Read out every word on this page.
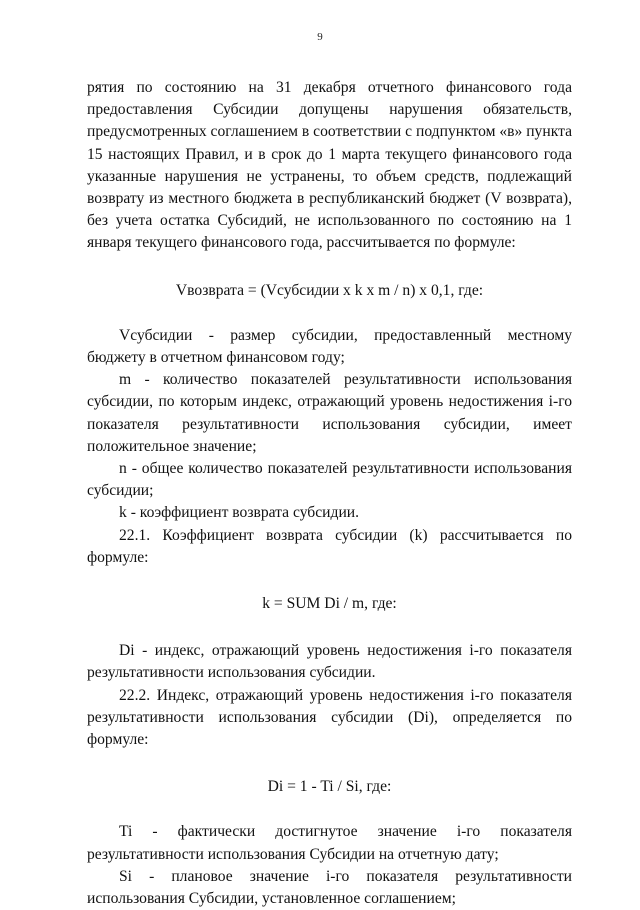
9

рятия по состоянию на 31 декабря отчетного финансового года предоставления Субсидии допущены нарушения обязательств, предусмотренных соглашением в соответствии с подпунктом «в» пункта 15 настоящих Правил, и в срок до 1 марта текущего финансового года указанные нарушения не устранены, то объем средств, подлежащий возврату из местного бюджета в республиканский бюджет (V возврата), без учета остатка Субсидий, не использованного по состоянию на 1 января текущего финансового года, рассчитывается по формуле:

Vвозврата = (Vсубсидии x k x m / n) x 0,1, где:

Vсубсидии - размер субсидии, предоставленный местному бюджету в отчетном финансовом году;

m - количество показателей результативности использования субсидии, по которым индекс, отражающий уровень недостижения i-го показателя результативности использования субсидии, имеет положительное значение;

n - общее количество показателей результативности использования субсидии;

k - коэффициент возврата субсидии.

22.1. Коэффициент возврата субсидии (k) рассчитывается по формуле:

k = SUM Di / m, где:

Di - индекс, отражающий уровень недостижения i-го показателя результативности использования субсидии.

22.2. Индекс, отражающий уровень недостижения i-го показателя результативности использования субсидии (Di), определяется по формуле:

Di = 1 - Ti / Si, где:

Ti - фактически достигнутое значение i-го показателя результативности использования Субсидии на отчетную дату;

Si - плановое значение i-го показателя результативности использования Субсидии, установленное соглашением;
